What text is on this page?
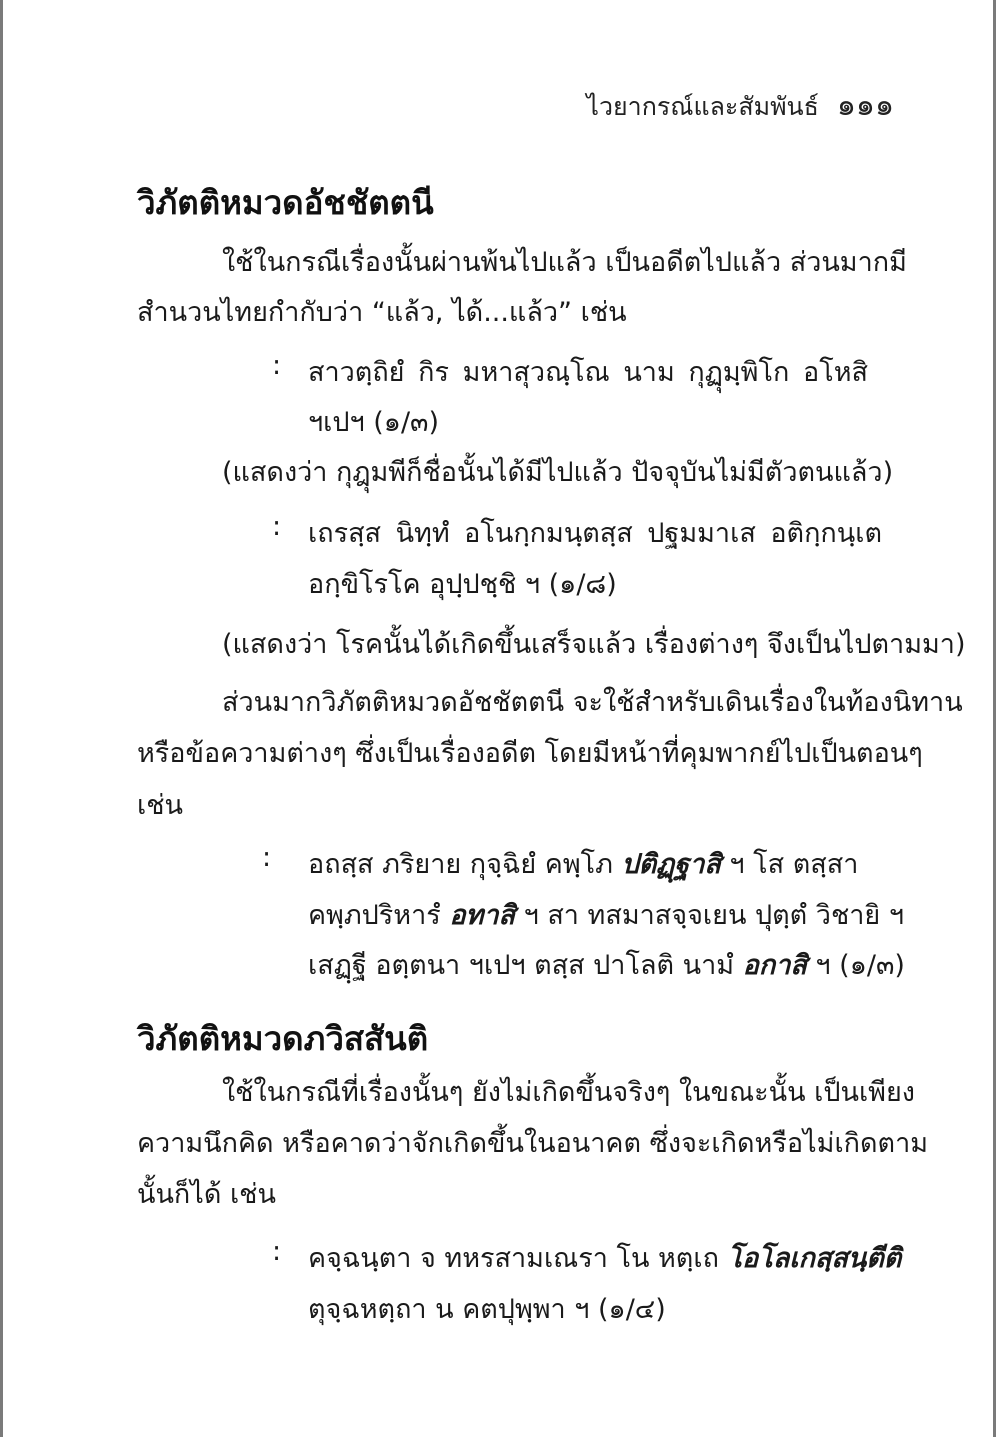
ไวยากรณ์และสัมพันธ์ ๑๑๑
วิภัตติหมวดอัชชัตตนี
ใช้ในกรณีเรื่องนั้นผ่านพ้นไปแล้ว เป็นอดีตไปแล้ว ส่วนมากมี
สำนวนไทยกำกับว่า “แล้ว, ได้...แล้ว” เช่น
: สาวตฺถิยํ กิร มหาสุวณฺโณ นาม กุฏุมฺพิโก อโหสิ
ฯเปฯ (๑/๓)
(แสดงว่า กุฎุมพีก็ชื่อนั้นได้มีไปแล้ว ปัจจุบันไม่มีตัวตนแล้ว)
: เถรสฺส นิทฺทํ อโนกฺกมนฺตสฺส ปฐมมาเส อติกฺกนฺเต
อกฺขิโรโค อุปฺปชฺชิ ฯ (๑/๘)
(แสดงว่า โรคนั้นได้เกิดขึ้นเสร็จแล้ว เรื่องต่างๆ จึงเป็นไปตามมา)
ส่วนมากวิภัตติหมวดอัชชัตตนี จะใช้สำหรับเดินเรื่องในท้องนิทาน
หรือข้อความต่างๆ ซึ่งเป็นเรื่องอดีต โดยมีหน้าที่คุมพากย์ไปเป็นตอนๆ
เช่น
: อถสฺส ภริยาย กุจฺฉิยํ คพฺโภ ปติฏฺฐาสิ ฯ โส ตสฺสา
คพฺภปริหารํ อทาสิ ฯ สา ทสมาสจฺจเยน ปุตฺตํ วิชายิ ฯ
เสฏฺฐี อตฺตนา ฯเปฯ ตสฺส ปาโลติ นามํ อกาสิ ฯ (๑/๓)
วิภัตติหมวดภวิสสันติ
ใช้ในกรณีที่เรื่องนั้นๆ ยังไม่เกิดขึ้นจริงๆ ในขณะนั้น เป็นเพียง
ความนึกคิด หรือคาดว่าจักเกิดขึ้นในอนาคต ซึ่งจะเกิดหรือไม่เกิดตาม
นั้นก็ได้ เช่น
: คจฺฉนฺตา จ ทหรสามเณรา โน หตฺเถ โอโลเกสฺสนฺตีติ
ตุจฺฉหตฺถา น คตปุพฺพา ฯ (๑/๔)
